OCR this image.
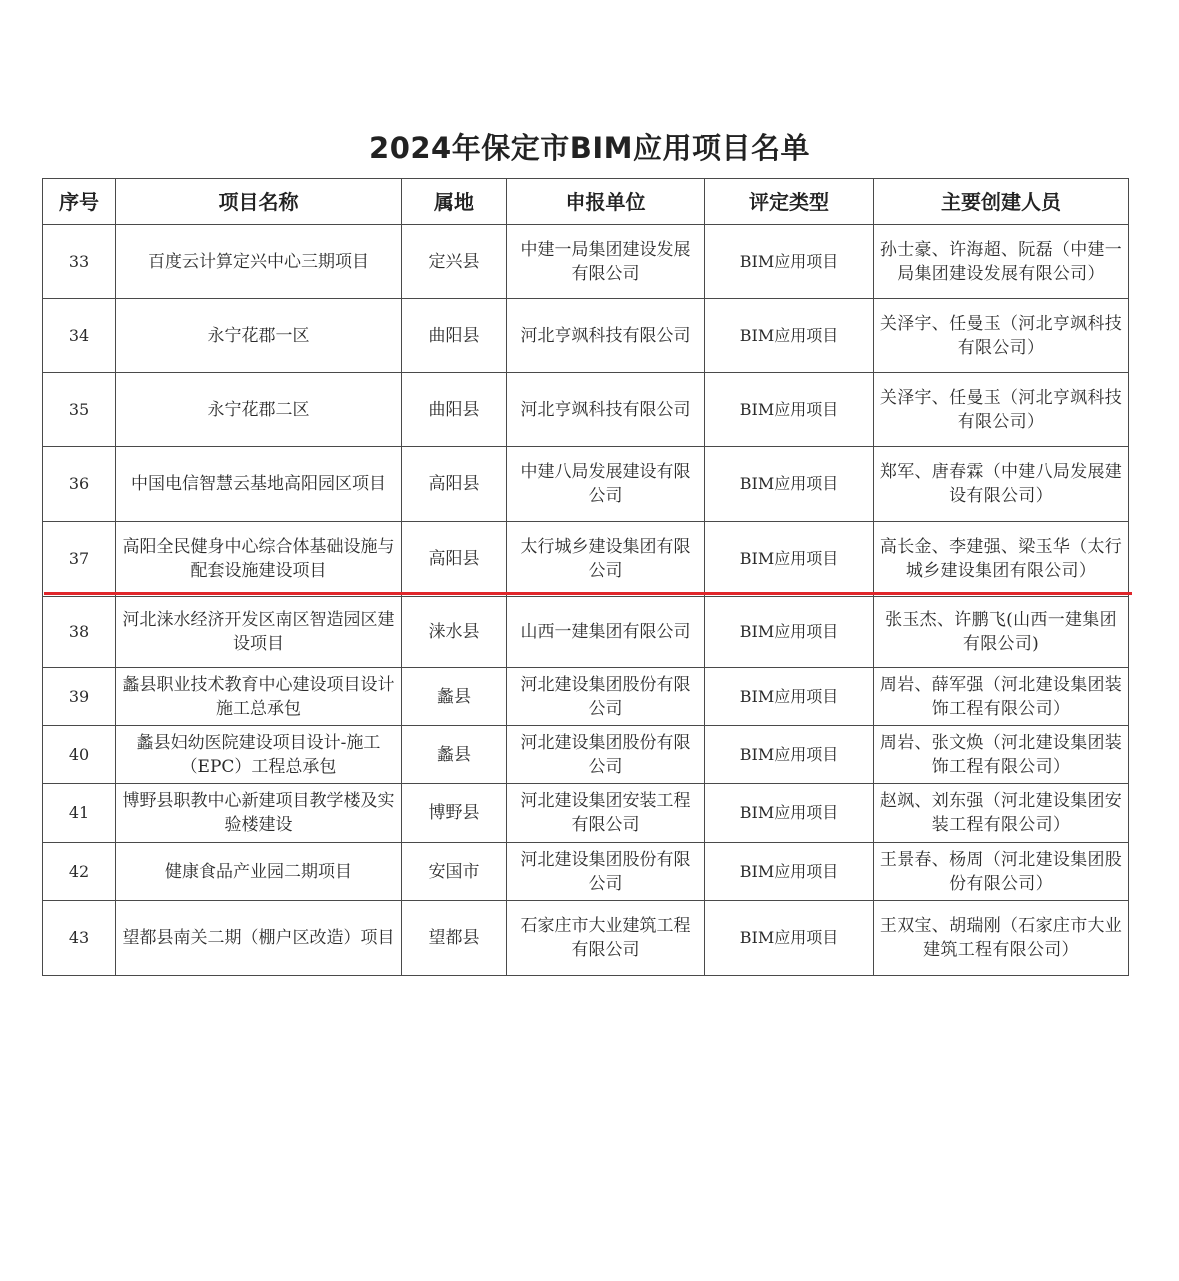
2024年保定市BIM应用项目名单
序号	项目名称	属地	申报单位	评定类型	主要创建人员
33	百度云计算定兴中心三期项目	定兴县	中建一局集团建设发展有限公司	BIM应用项目	孙士豪、许海超、阮磊（中建一局集团建设发展有限公司）
34	永宁花郡一区	曲阳县	河北亨飒科技有限公司	BIM应用项目	关泽宇、任曼玉（河北亨飒科技有限公司）
35	永宁花郡二区	曲阳县	河北亨飒科技有限公司	BIM应用项目	关泽宇、任曼玉（河北亨飒科技有限公司）
36	中国电信智慧云基地高阳园区项目	高阳县	中建八局发展建设有限公司	BIM应用项目	郑军、唐春霖（中建八局发展建设有限公司）
37	高阳全民健身中心综合体基础设施与配套设施建设项目	高阳县	太行城乡建设集团有限公司	BIM应用项目	高长金、李建强、梁玉华（太行城乡建设集团有限公司）
38	河北涞水经济开发区南区智造园区建设项目	涞水县	山西一建集团有限公司	BIM应用项目	张玉杰、许鹏飞(山西一建集团有限公司)
39	蠡县职业技术教育中心建设项目设计施工总承包	蠡县	河北建设集团股份有限公司	BIM应用项目	周岩、薛军强（河北建设集团装饰工程有限公司）
40	蠡县妇幼医院建设项目设计-施工（EPC）工程总承包	蠡县	河北建设集团股份有限公司	BIM应用项目	周岩、张文焕（河北建设集团装饰工程有限公司）
41	博野县职教中心新建项目教学楼及实验楼建设	博野县	河北建设集团安装工程有限公司	BIM应用项目	赵飒、刘东强（河北建设集团安装工程有限公司）
42	健康食品产业园二期项目	安国市	河北建设集团股份有限公司	BIM应用项目	王景春、杨周（河北建设集团股份有限公司）
43	望都县南关二期（棚户区改造）项目	望都县	石家庄市大业建筑工程有限公司	BIM应用项目	王双宝、胡瑞刚（石家庄市大业建筑工程有限公司）
